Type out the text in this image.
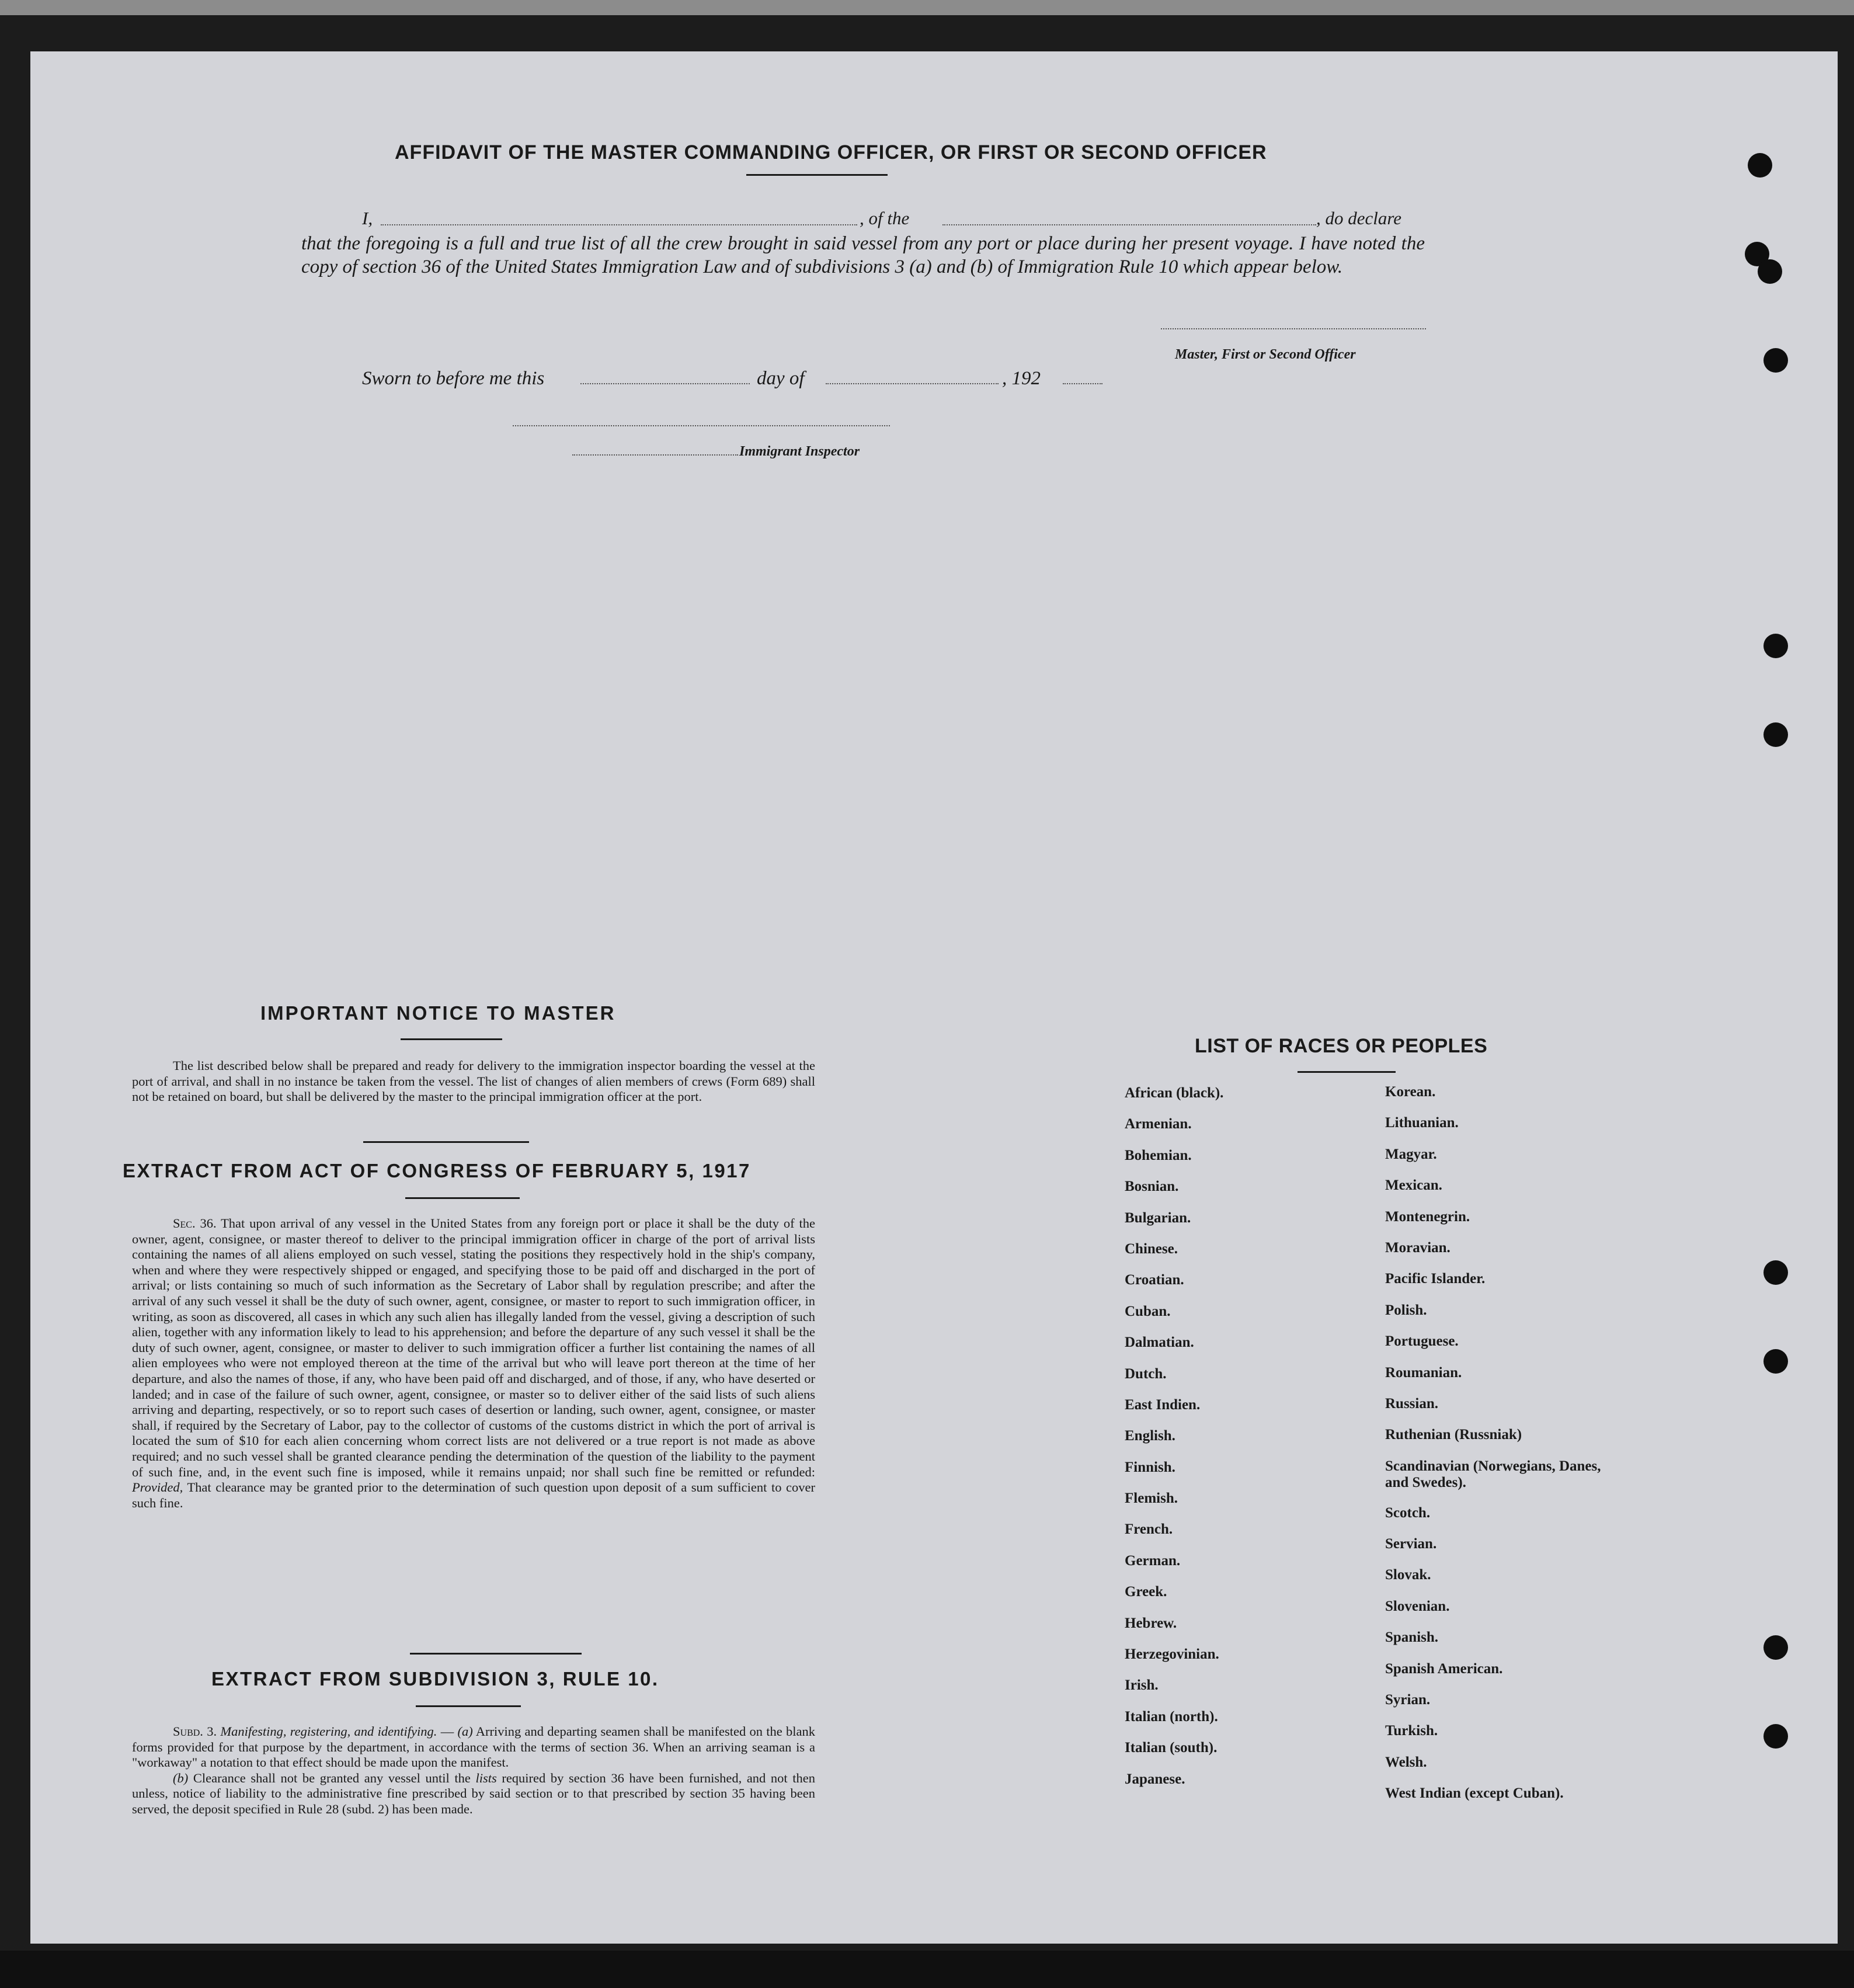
AFFIDAVIT OF THE MASTER COMMANDING OFFICER, OR FIRST OR SECOND OFFICER
I,	, of the	, do declare
that the foregoing is a full and true list of all the crew brought in said vessel from any port or place during her present voyage. I have noted the copy of section 36 of the United States Immigration Law and of subdivisions 3 (a) and (b) of Immigration Rule 10 which appear below.
Master, First or Second Officer
Sworn to before me this	day of	, 192
Immigrant Inspector
IMPORTANT NOTICE TO MASTER

The list described below shall be prepared and ready for delivery to the immigration inspector boarding the vessel at the port of arrival, and shall in no instance be taken from the vessel. The list of changes of alien members of crews (Form 689) shall not be retained on board, but shall be delivered by the master to the principal immigration officer at the port.

EXTRACT FROM ACT OF CONGRESS OF FEBRUARY 5, 1917

Sec. 36. That upon arrival of any vessel in the United States from any foreign port or place it shall be the duty of the owner, agent, consignee, or master thereof to deliver to the principal immigration officer in charge of the port of arrival lists containing the names of all aliens employed on such vessel, stating the positions they respectively hold in the ship's company, when and where they were respectively shipped or engaged, and specifying those to be paid off and discharged in the port of arrival; or lists containing so much of such information as the Secretary of Labor shall by regulation prescribe; and after the arrival of any such vessel it shall be the duty of such owner, agent, consignee, or master to report to such immigration officer, in writing, as soon as discovered, all cases in which any such alien has illegally landed from the vessel, giving a description of such alien, together with any information likely to lead to his apprehension; and before the departure of any such vessel it shall be the duty of such owner, agent, consignee, or master to deliver to such immigration officer a further list containing the names of all alien employees who were not employed thereon at the time of the arrival but who will leave port thereon at the time of her departure, and also the names of those, if any, who have been paid off and discharged, and of those, if any, who have deserted or landed; and in case of the failure of such owner, agent, consignee, or master so to deliver either of the said lists of such aliens arriving and departing, respectively, or so to report such cases of desertion or landing, such owner, agent, consignee, or master shall, if required by the Secretary of Labor, pay to the collector of customs of the customs district in which the port of arrival is located the sum of $10 for each alien concerning whom correct lists are not delivered or a true report is not made as above required; and no such vessel shall be granted clearance pending the determination of the question of the liability to the payment of such fine, and, in the event such fine is imposed, while it remains unpaid; nor shall such fine be remitted or refunded: Provided, That clearance may be granted prior to the determination of such question upon deposit of a sum sufficient to cover such fine.

EXTRACT FROM SUBDIVISION 3, RULE 10.

Subd. 3. Manifesting, registering, and identifying. — (a) Arriving and departing seamen shall be manifested on the blank forms provided for that purpose by the department, in accordance with the terms of section 36. When an arriving seaman is a "workaway" a notation to that effect should be made upon the manifest.

(b) Clearance shall not be granted any vessel until the lists required by section 36 have been furnished, and not then unless, notice of liability to the administrative fine prescribed by said section or to that prescribed by section 35 having been served, the deposit specified in Rule 28 (subd. 2) has been made.

LIST OF RACES OR PEOPLES
African (black).
Armenian.
Bohemian.
Bosnian.
Bulgarian.
Chinese.
Croatian.
Cuban.
Dalmatian.
Dutch.
East Indien.
English.
Finnish.
Flemish.
French.
German.
Greek.
Hebrew.
Herzegovinian.
Irish.
Italian (north).
Italian (south).
Japanese.
Korean.
Lithuanian.
Magyar.
Mexican.
Montenegrin.
Moravian.
Pacific Islander.
Polish.
Portuguese.
Roumanian.
Russian.
Ruthenian (Russniak)
Scandinavian (Norwegians, Danes, and Swedes).
Scotch.
Servian.
Slovak.
Slovenian.
Spanish.
Spanish American.
Syrian.
Turkish.
Welsh.
West Indian (except Cuban).
